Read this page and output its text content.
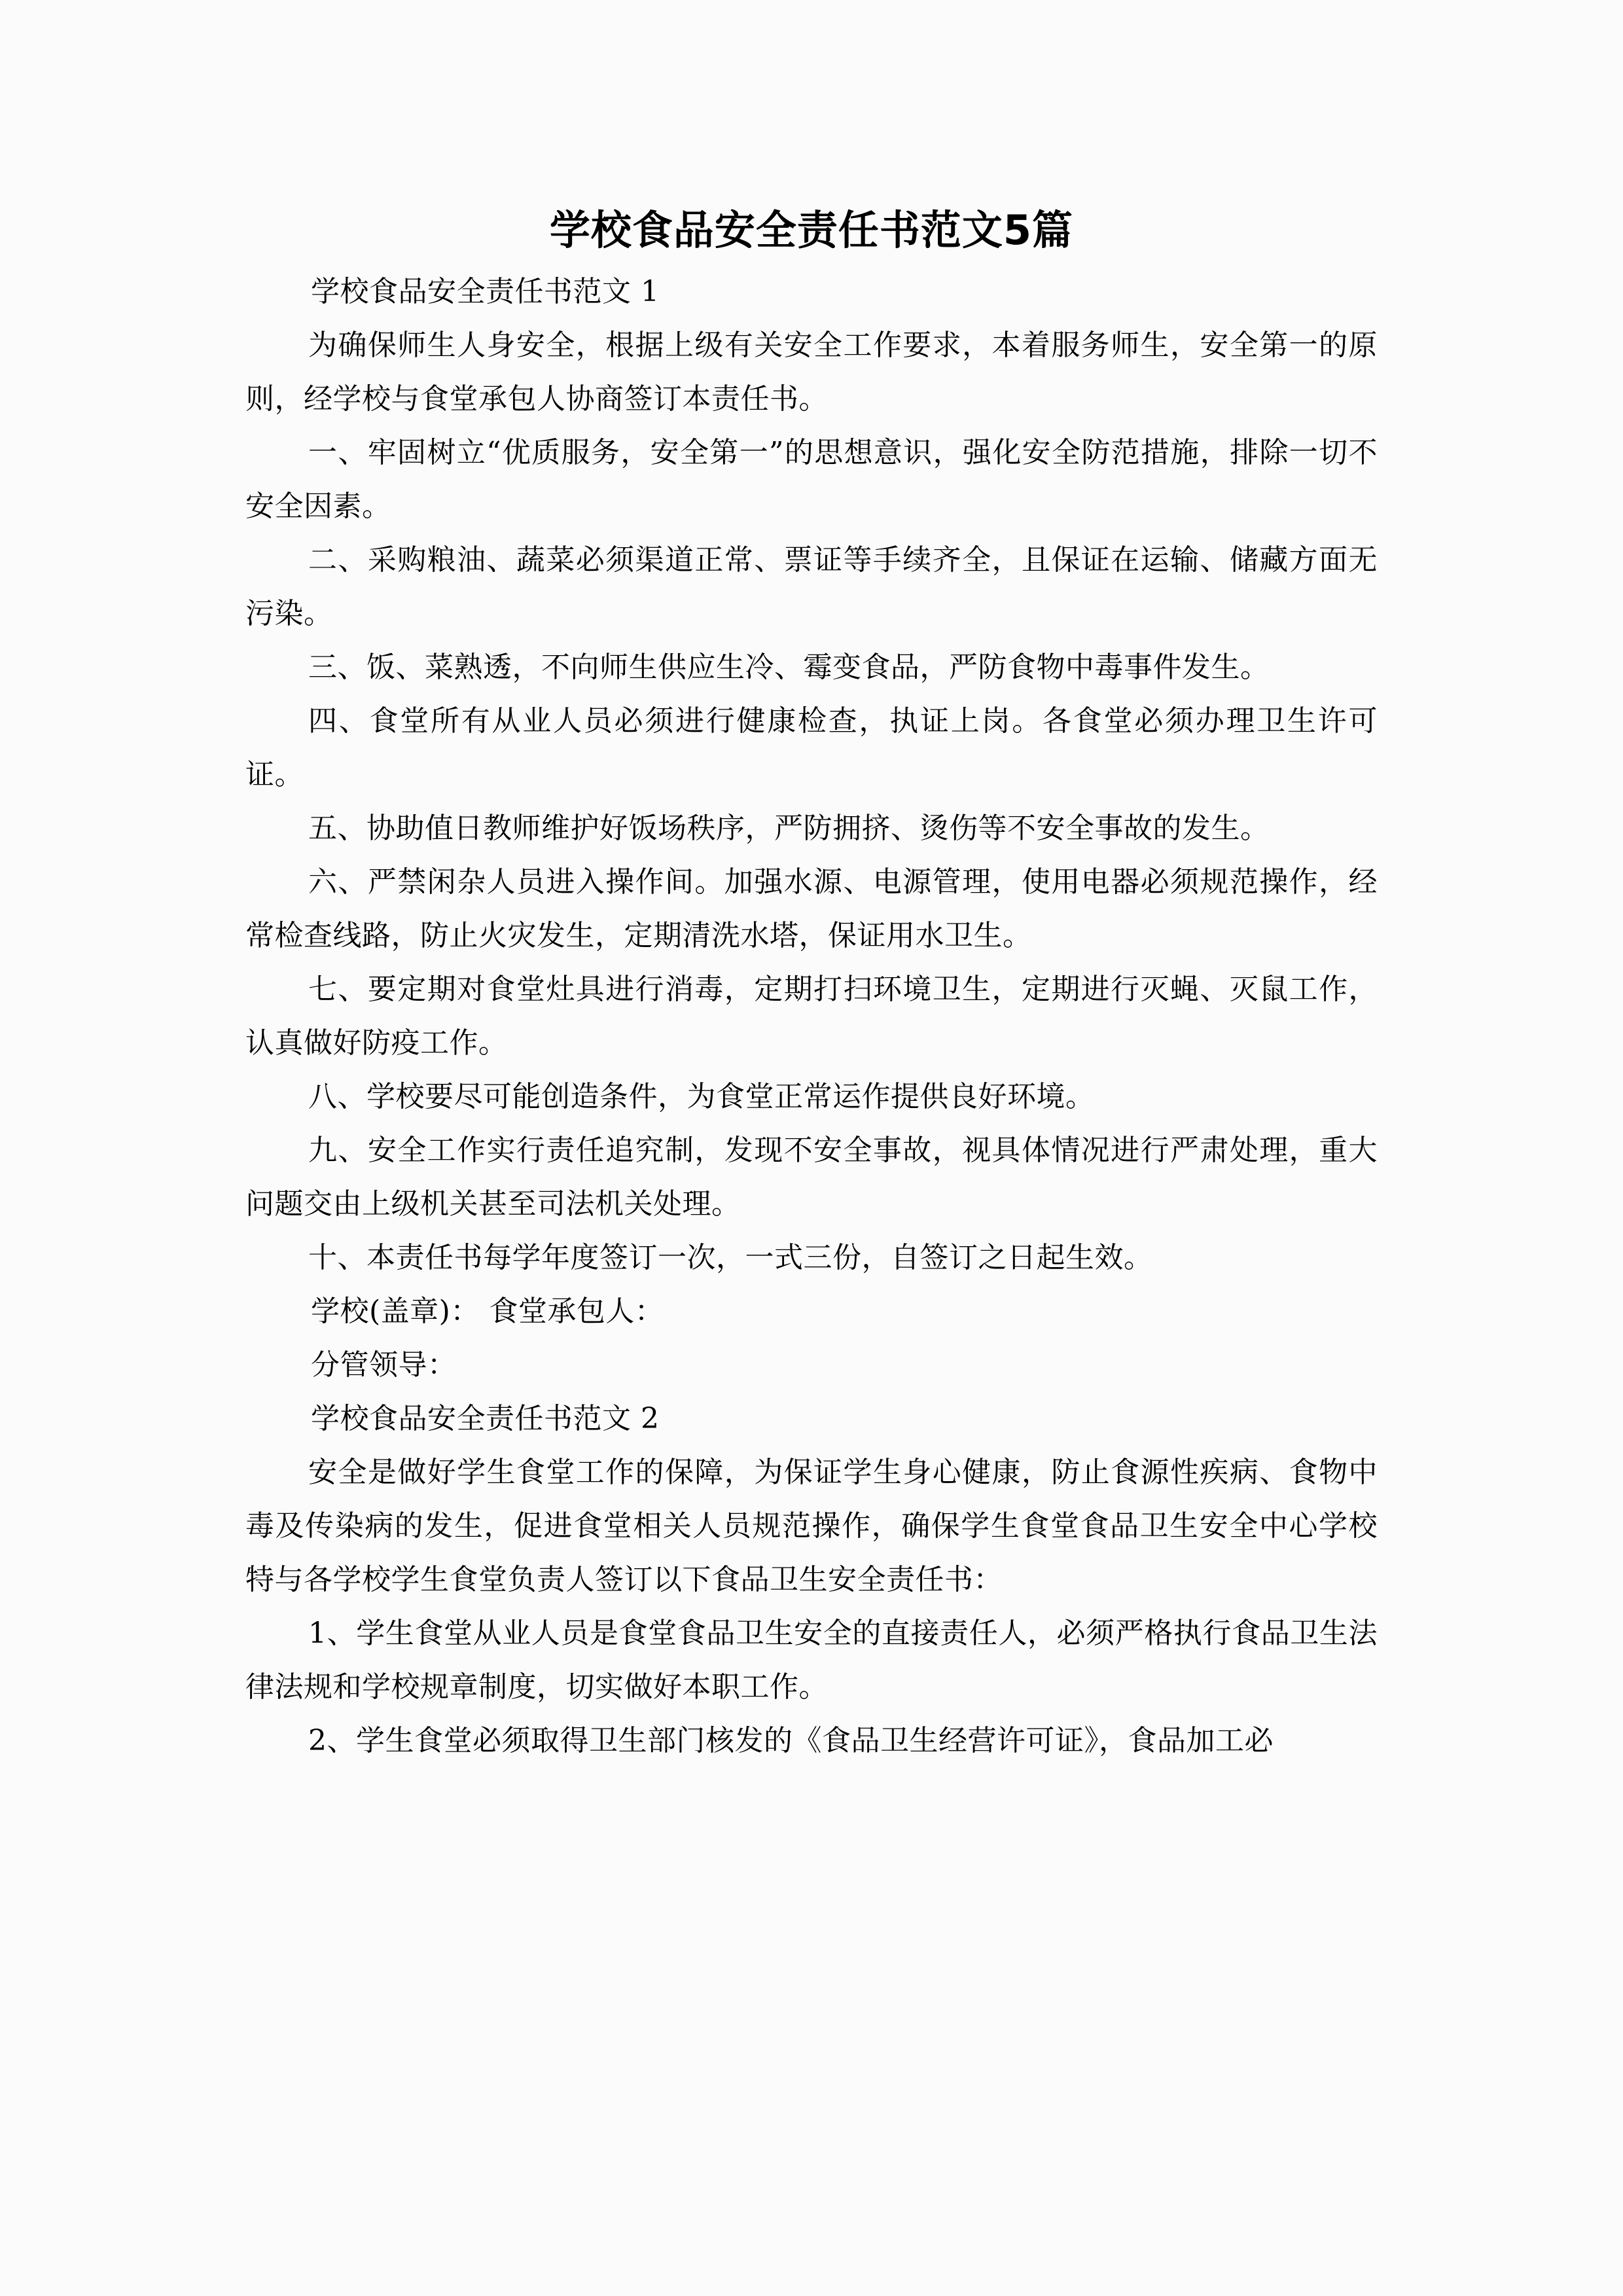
学校食品安全责任书范文5篇

学校食品安全责任书范文 1

为确保师生人身安全，根据上级有关安全工作要求，本着服务师生，安全第一的原则，经学校与食堂承包人协商签订本责任书。

一、牢固树立“优质服务，安全第一”的思想意识，强化安全防范措施，排除一切不安全因素。

二、采购粮油、蔬菜必须渠道正常、票证等手续齐全，且保证在运输、储藏方面无污染。

三、饭、菜熟透，不向师生供应生冷、霉变食品，严防食物中毒事件发生。

四、食堂所有从业人员必须进行健康检查，执证上岗。各食堂必须办理卫生许可证。

五、协助值日教师维护好饭场秩序，严防拥挤、烫伤等不安全事故的发生。

六、严禁闲杂人员进入操作间。加强水源、电源管理，使用电器必须规范操作，经常检查线路，防止火灾发生，定期清洗水塔，保证用水卫生。

七、要定期对食堂灶具进行消毒，定期打扫环境卫生，定期进行灭蝇、灭鼠工作，认真做好防疫工作。

八、学校要尽可能创造条件，为食堂正常运作提供良好环境。

九、安全工作实行责任追究制，发现不安全事故，视具体情况进行严肃处理，重大问题交由上级机关甚至司法机关处理。

十、本责任书每学年度签订一次，一式三份，自签订之日起生效。

学校(盖章)： 食堂承包人：

分管领导：

学校食品安全责任书范文 2

安全是做好学生食堂工作的保障，为保证学生身心健康，防止食源性疾病、食物中毒及传染病的发生，促进食堂相关人员规范操作，确保学生食堂食品卫生安全中心学校特与各学校学生食堂负责人签订以下食品卫生安全责任书：

1、学生食堂从业人员是食堂食品卫生安全的直接责任人，必须严格执行食品卫生法律法规和学校规章制度，切实做好本职工作。

2、学生食堂必须取得卫生部门核发的《食品卫生经营许可证》，食品加工必
